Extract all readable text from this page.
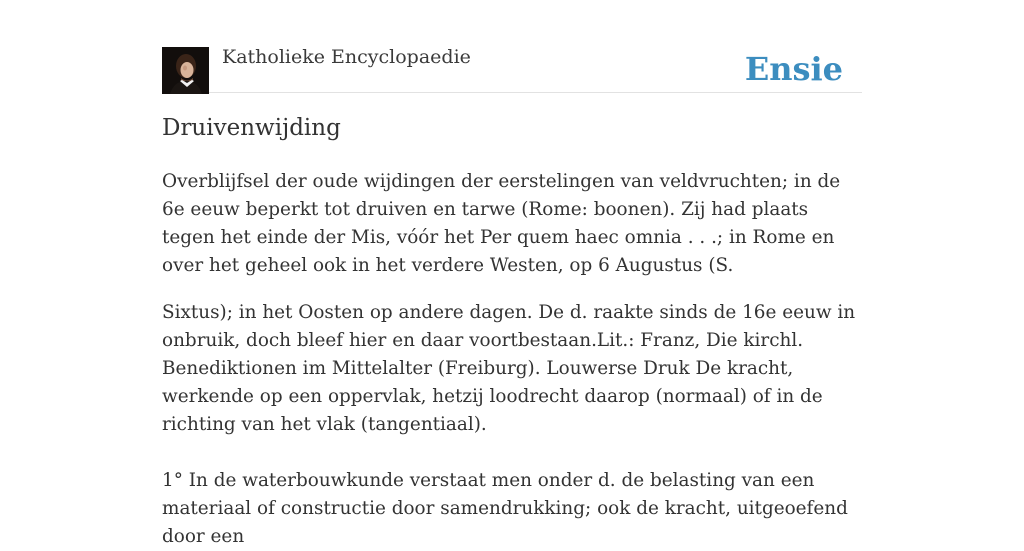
Katholieke Encyclopaedie	Ensie
Druivenwijding

Overblijfsel der oude wijdingen der eerstelingen van veldvruchten; in de 6e eeuw beperkt tot druiven en tarwe (Rome: boonen). Zij had plaats tegen het einde der Mis, vóór het Per quem haec omnia . . .; in Rome en over het geheel ook in het verdere Westen, op 6 Augustus (S.

Sixtus); in het Oosten op andere dagen. De d. raakte sinds de 16e eeuw in onbruik, doch bleef hier en daar voortbestaan.Lit.: Franz, Die kirchl. Benediktionen im Mittelalter (Freiburg). Louwerse Druk De kracht, werkende op een oppervlak, hetzij loodrecht daarop (normaal) of in de richting van het vlak (tangentiaal).

1° In de waterbouwkunde verstaat men onder d. de belasting van een materiaal of constructie door samendrukking; ook de kracht, uitgeoefend door een
